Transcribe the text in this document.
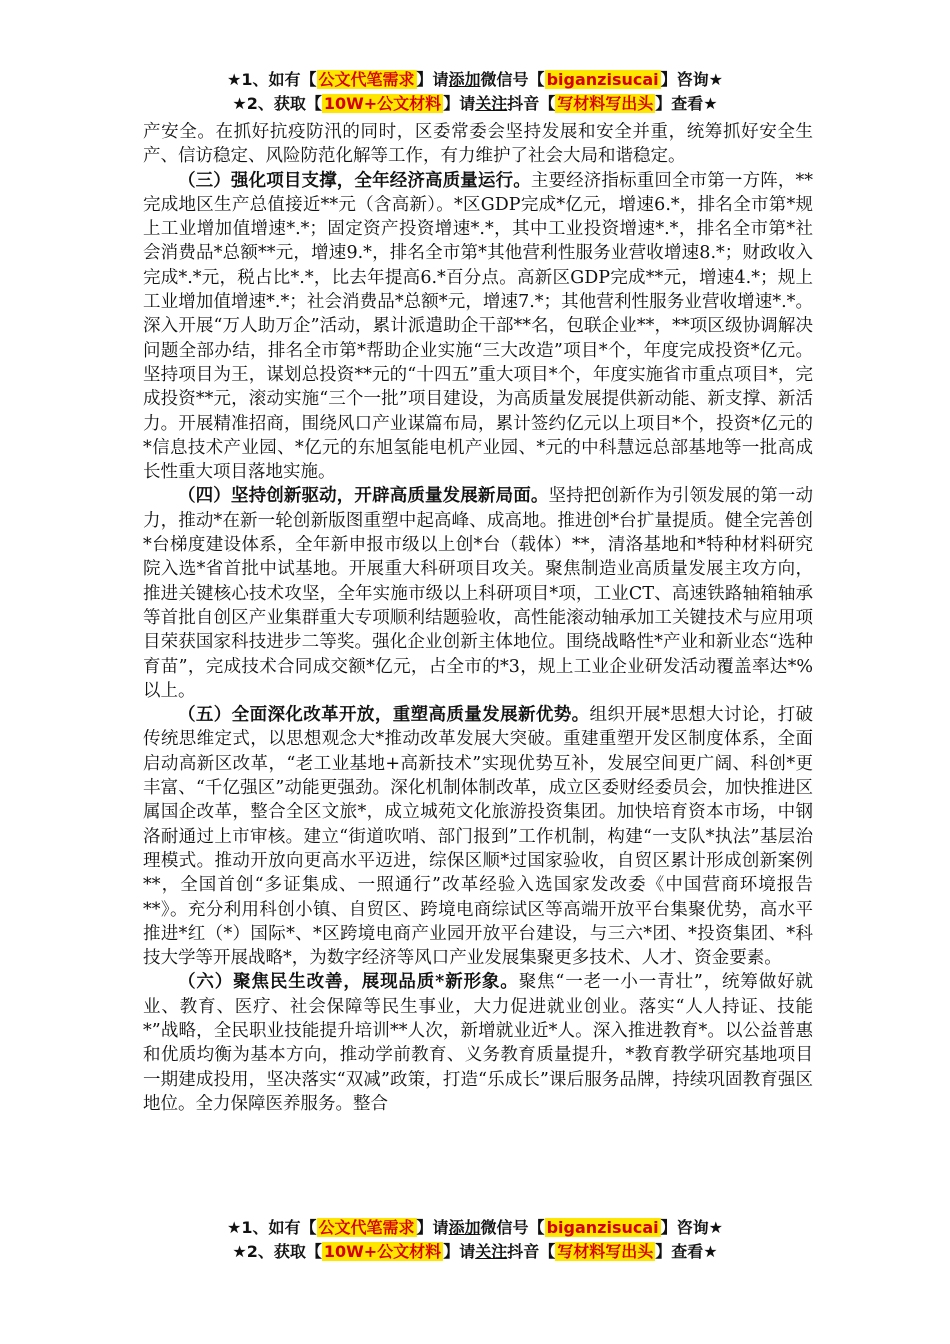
★1、如有【 公文代笔需求 】请添加微信号【 biganzisucai 】咨询★
★2、获取【 10W+公文材料 】请关注抖音【 写材料写出头 】查看★

产安全。在抓好抗疫防汛的同时，区委常委会坚持发展和安全并重，统筹抓好安全生产、信访稳定、风险防范化解等工作，有力维护了社会大局和谐稳定。

（三）强化项目支撑，全年经济高质量运行。主要经济指标重回全市第一方阵，**完成地区生产总值接近**元（含高新）。*区GDP完成*亿元，增速6.*，排名全市第*规上工业增加值增速*.*；固定资产投资增速*.*，其中工业投资增速*.*，排名全市第*社会消费品*总额**元，增速9.*，排名全市第*其他营利性服务业营收增速8.*；财政收入完成*.*元，税占比*.*，比去年提高6.*百分点。高新区GDP完成**元，增速4.*；规上工业增加值增速*.*；社会消费品*总额*元，增速7.*；其他营利性服务业营收增速*.*。深入开展“万人助万企”活动，累计派遣助企干部**名，包联企业**，**项区级协调解决问题全部办结，排名全市第*帮助企业实施“三大改造”项目*个，年度完成投资*亿元。坚持项目为王，谋划总投资**元的“十四五”重大项目*个，年度实施省市重点项目*，完成投资**元，滚动实施“三个一批”项目建设，为高质量发展提供新动能、新支撑、新活力。开展精准招商，围绕风口产业谋篇布局，累计签约亿元以上项目*个，投资*亿元的*信息技术产业园、*亿元的东旭氢能电机产业园、*元的中科慧远总部基地等一批高成长性重大项目落地实施。

（四）坚持创新驱动，开辟高质量发展新局面。坚持把创新作为引领发展的第一动力，推动*在新一轮创新版图重塑中起高峰、成高地。推进创*台扩量提质。健全完善创*台梯度建设体系，全年新申报市级以上创*台（载体）**，清洛基地和*特种材料研究院入选*省首批中试基地。开展重大科研项目攻关。聚焦制造业高质量发展主攻方向，推进关键核心技术攻坚，全年实施市级以上科研项目*项，工业CT、高速铁路轴箱轴承等首批自创区产业集群重大专项顺利结题验收，高性能滚动轴承加工关键技术与应用项目荣获国家科技进步二等奖。强化企业创新主体地位。围绕战略性*产业和新业态“选种育苗”，完成技术合同成交额*亿元，占全市的*3，规上工业企业研发活动覆盖率达*%以上。

（五）全面深化改革开放，重塑高质量发展新优势。组织开展*思想大讨论，打破传统思维定式，以思想观念大*推动改革发展大突破。重建重塑开发区制度体系，全面启动高新区改革，“老工业基地+高新技术”实现优势互补，发展空间更广阔、科创*更丰富、“千亿强区”动能更强劲。深化机制体制改革，成立区委财经委员会，加快推进区属国企改革，整合全区文旅*，成立城苑文化旅游投资集团。加快培育资本市场，中钢洛耐通过上市审核。建立“街道吹哨、部门报到”工作机制，构建“一支队*执法”基层治理模式。推动开放向更高水平迈进，综保区顺*过国家验收，自贸区累计形成创新案例**，全国首创“多证集成、一照通行”改革经验入选国家发改委《中国营商环境报告**》。充分利用科创小镇、自贸区、跨境电商综试区等高端开放平台集聚优势，高水平推进*红（*）国际*、*区跨境电商产业园开放平台建设，与三六*团、*投资集团、*科技大学等开展战略*，为数字经济等风口产业发展集聚更多技术、人才、资金要素。

（六）聚焦民生改善，展现品质*新形象。聚焦“一老一小一青壮”，统筹做好就业、教育、医疗、社会保障等民生事业，大力促进就业创业。落实“人人持证、技能*”战略，全民职业技能提升培训**人次，新增就业近*人。深入推进教育*。以公益普惠和优质均衡为基本方向，推动学前教育、义务教育质量提升，*教育教学研究基地项目一期建成投用，坚决落实“双减”政策，打造“乐成长”课后服务品牌，持续巩固教育强区地位。全力保障医养服务。整合

★1、如有【 公文代笔需求 】请添加微信号【 biganzisucai 】咨询★
★2、获取【 10W+公文材料 】请关注抖音【 写材料写出头 】查看★
